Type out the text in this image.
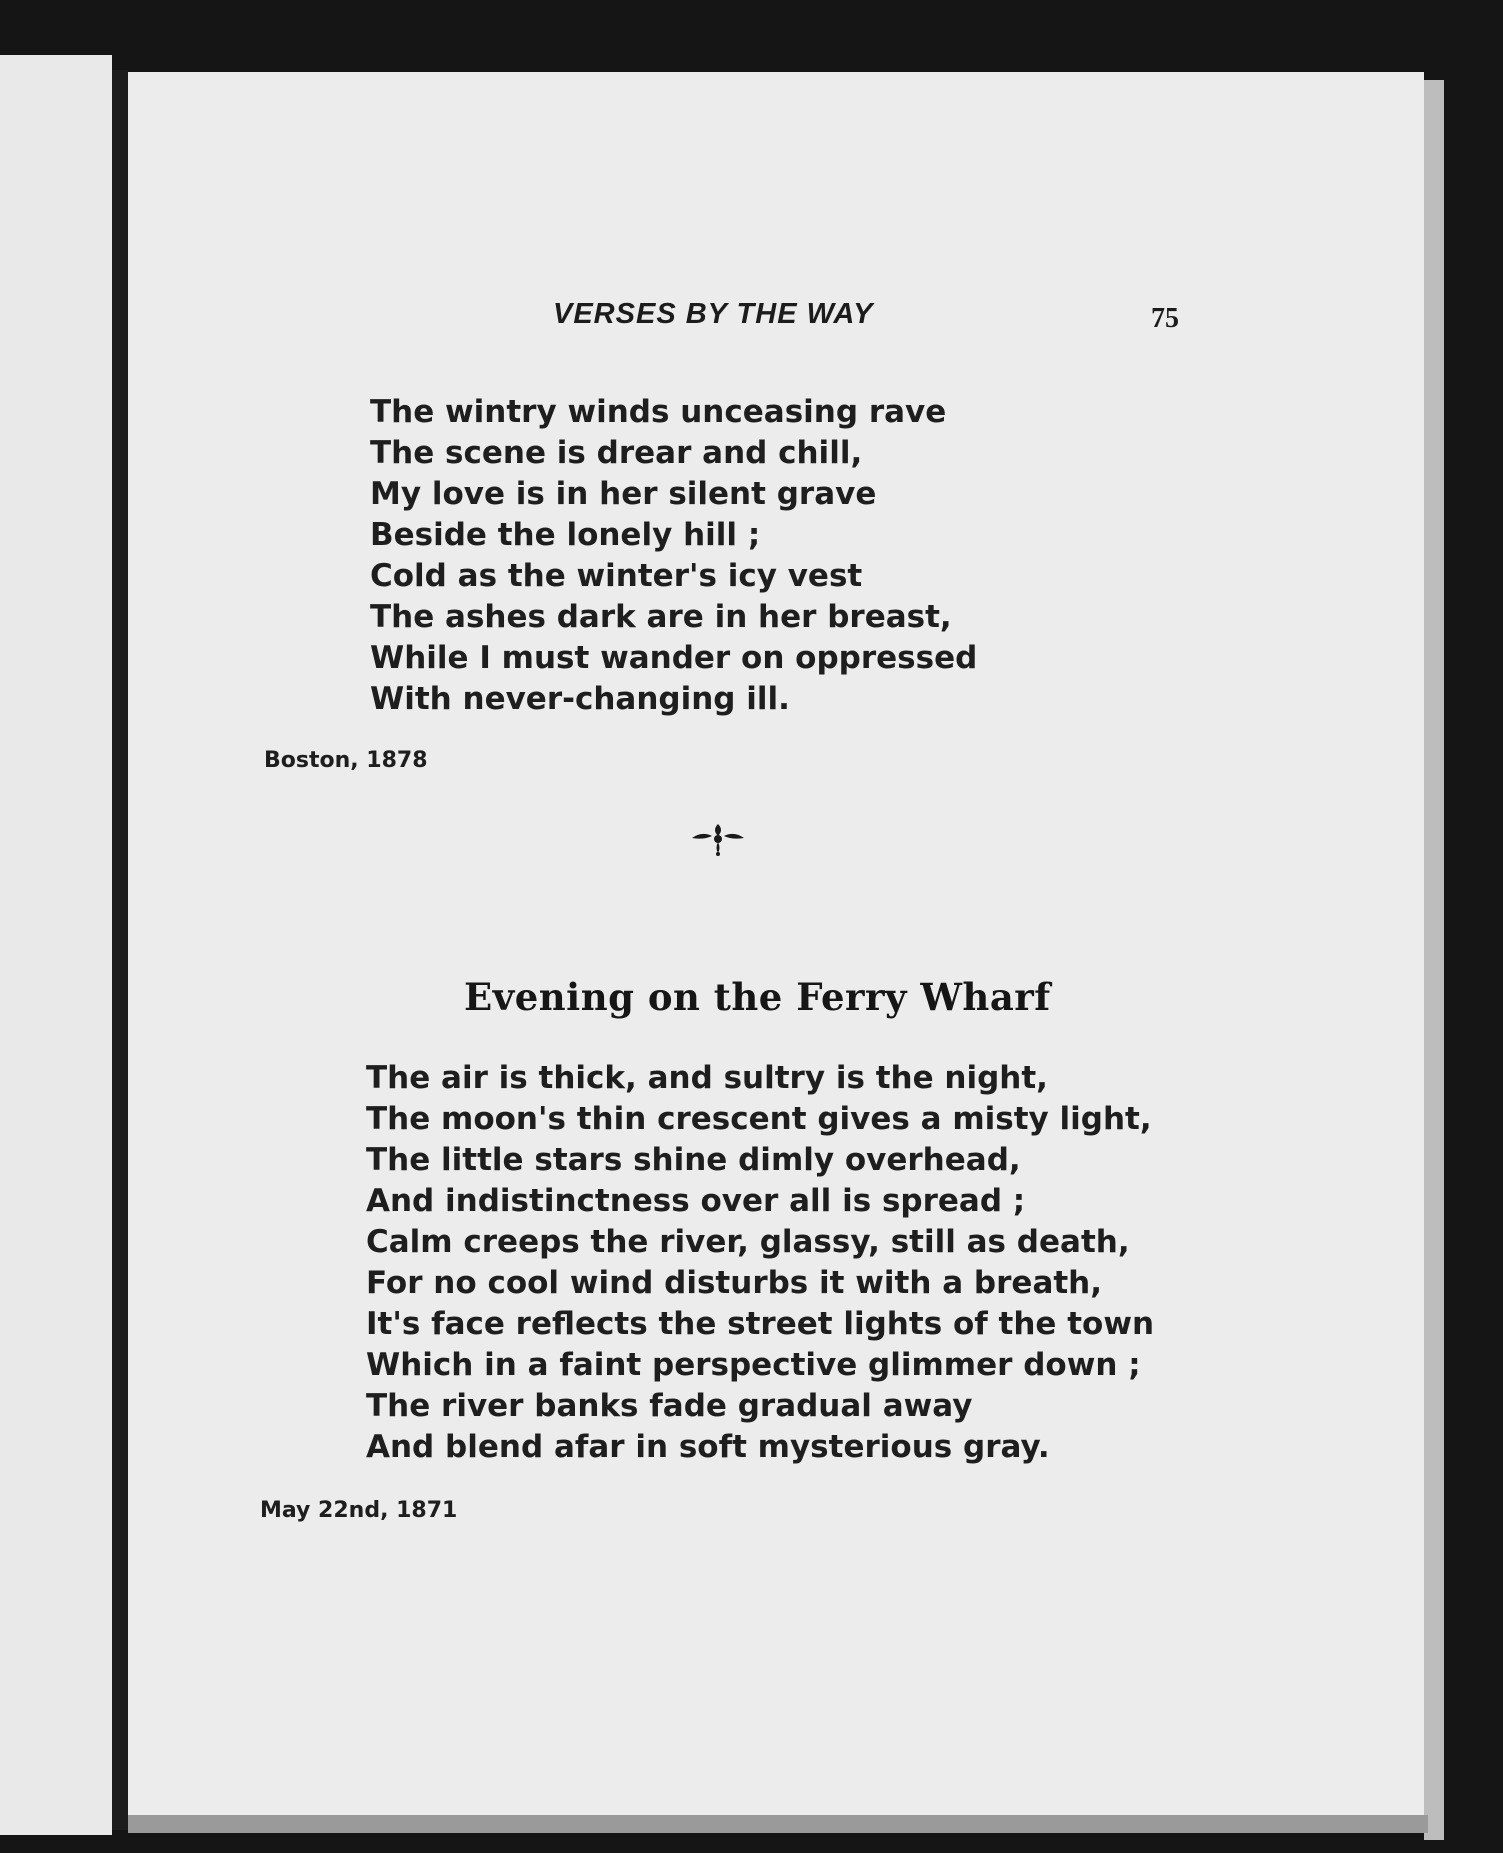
VERSES BY THE WAY	75
The wintry winds unceasing rave
The scene is drear and chill,
My love is in her silent grave
Beside the lonely hill ;
Cold as the winter's icy vest
The ashes dark are in her breast,
While I must wander on oppressed
With never-changing ill.
Boston, 1878
Evening on the Ferry Wharf
The air is thick, and sultry is the night,
The moon's thin crescent gives a misty light,
The little stars shine dimly overhead,
And indistinctness over all is spread ;
Calm creeps the river, glassy, still as death,
For no cool wind disturbs it with a breath,
It's face reflects the street lights of the town
Which in a faint perspective glimmer down ;
The river banks fade gradual away
And blend afar in soft mysterious gray.
May 22nd, 1871
